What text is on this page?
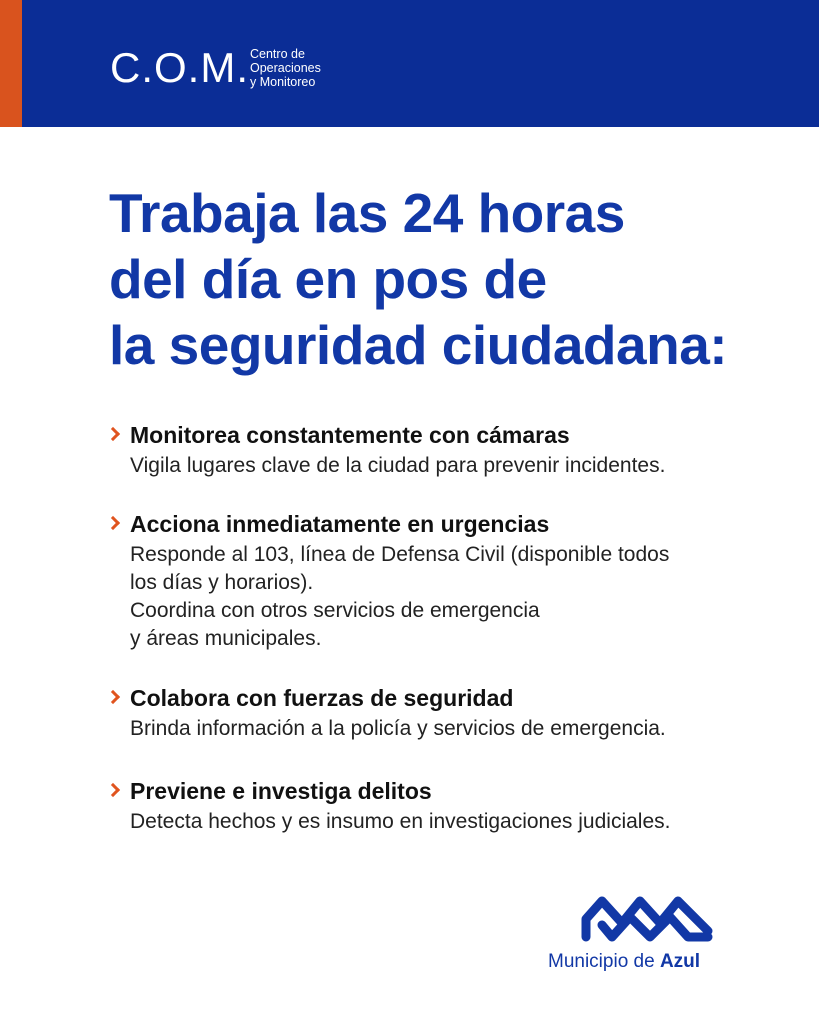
C.O.M. Centro de
Operaciones
y Monitoreo
Trabaja las 24 horas
del día en pos de
la seguridad ciudadana:
Monitorea constantemente con cámaras
Vigila lugares clave de la ciudad para prevenir incidentes.
Acciona inmediatamente en urgencias
Responde al 103, línea de Defensa Civil (disponible todos
los días y horarios).
Coordina con otros servicios de emergencia
y áreas municipales.
Colabora con fuerzas de seguridad
Brinda información a la policía y servicios de emergencia.
Previene e investiga delitos
Detecta hechos y es insumo en investigaciones judiciales.
Municipio de Azul
